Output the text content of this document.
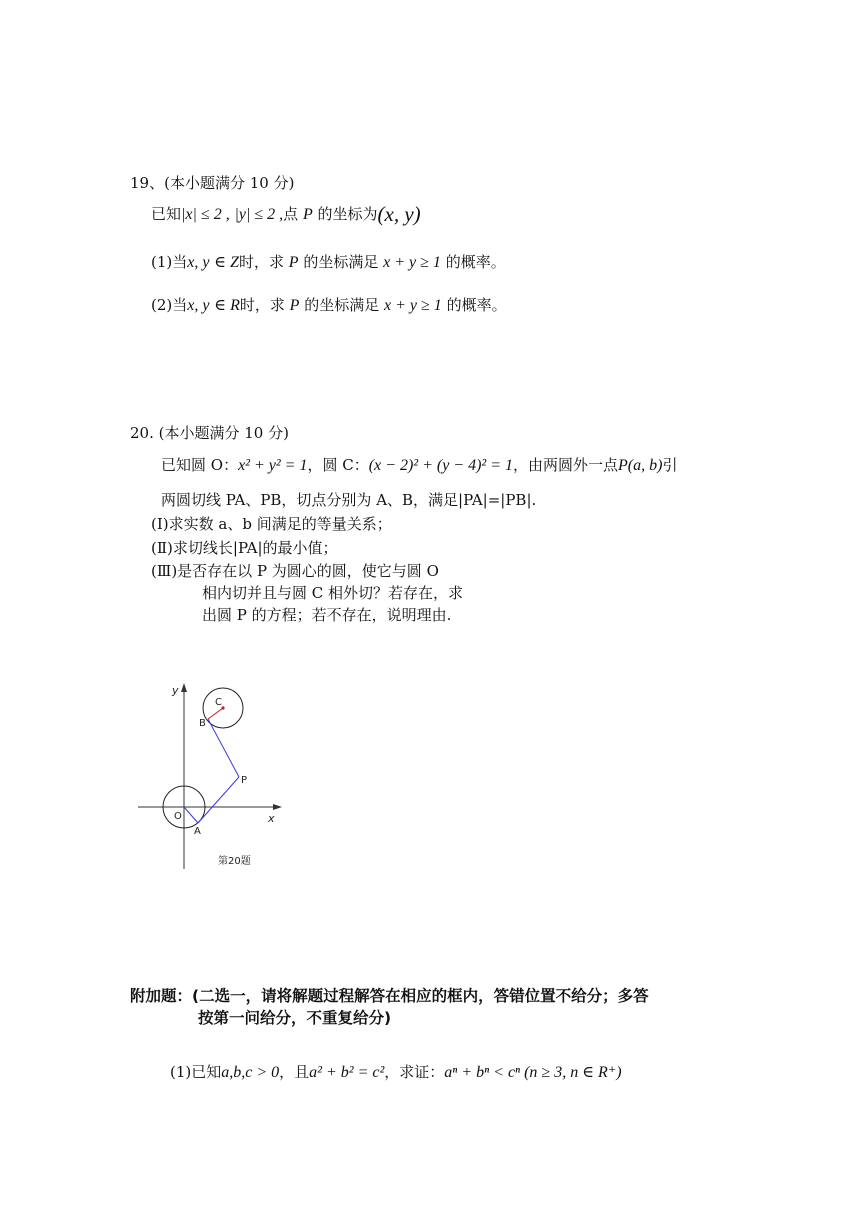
19、(本小题满分 10 分)
已知|x| ≤ 2 , |y| ≤ 2 ,点 P 的坐标为(x, y)
(1)当x, y ∈ Z时，求 P 的坐标满足 x + y ≥ 1 的概率。
(2)当x, y ∈ R时，求 P 的坐标满足 x + y ≥ 1 的概率。
20. (本小题满分 10 分)
已知圆 O：x² + y² = 1，圆 C：(x − 2)² + (y − 4)² = 1，由两圆外一点P(a, b)引
两圆切线 PA、PB，切点分别为 A、B，满足|PA|=|PB|.
(Ⅰ)求实数 a、b 间满足的等量关系；
(Ⅱ)求切线长|PA|的最小值；
(Ⅲ)是否存在以 P 为圆心的圆，使它与圆 O
相内切并且与圆 C 相外切？若存在，求
出圆 P 的方程；若不存在，说明理由.
y
x
O
A
B
C
P
第20题
附加题：(二选一，请将解题过程解答在相应的框内，答错位置不给分；多答
按第一问给分，不重复给分)
(1)已知a,b,c > 0，且a² + b² = c²，求证：aⁿ + bⁿ < cⁿ (n ≥ 3, n ∈ R⁺)
